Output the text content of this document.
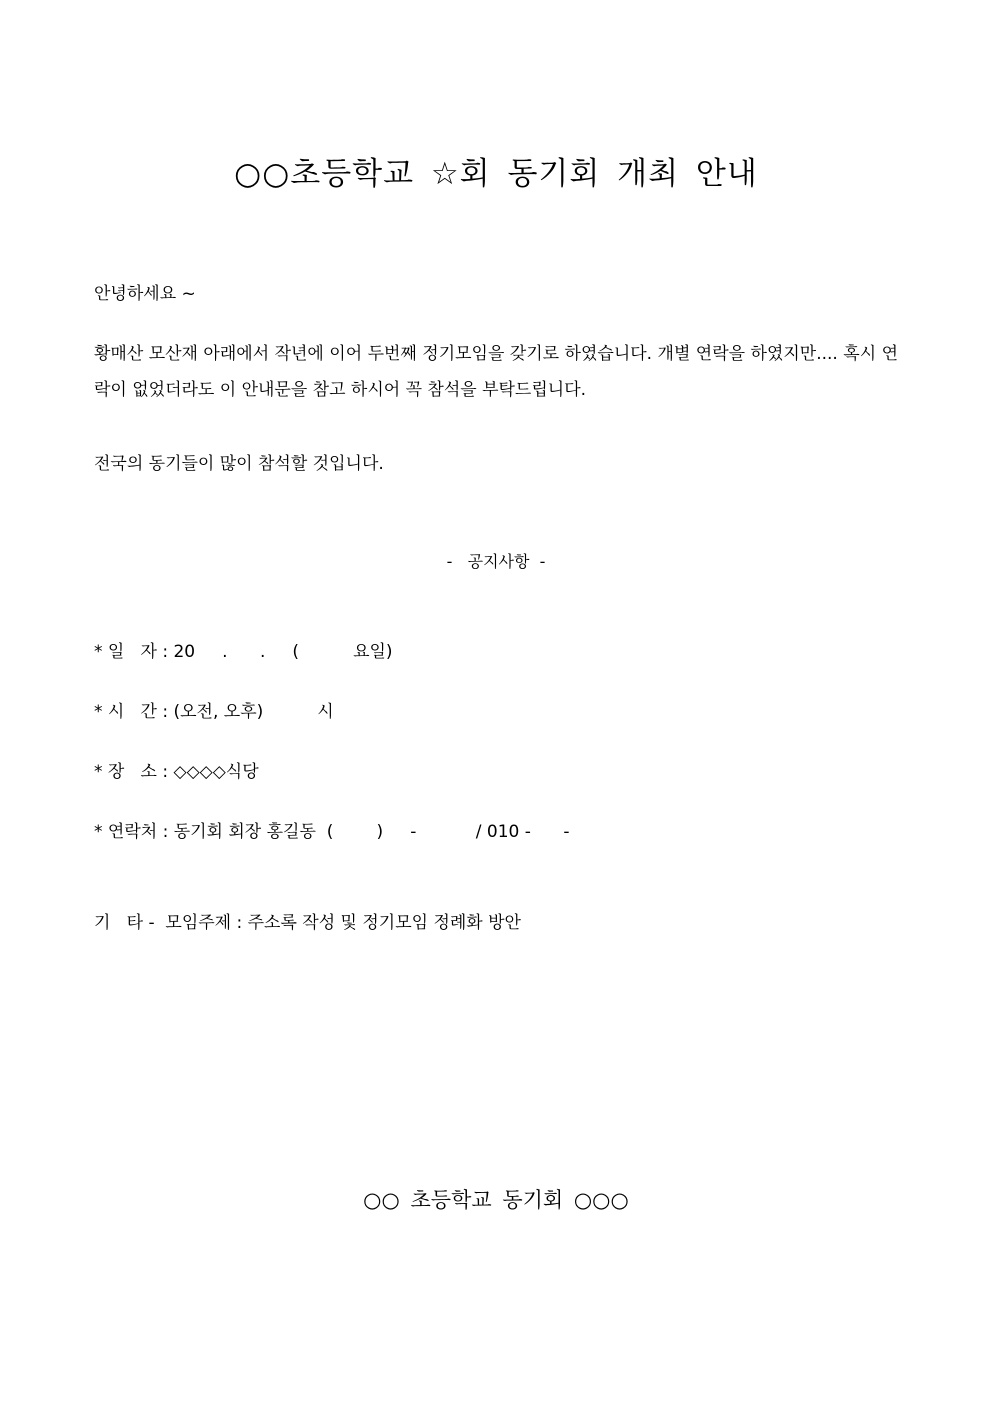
○○초등학교 ☆회 동기회 개최 안내
안녕하세요 ~
황매산 모산재 아래에서 작년에 이어 두번째 정기모임을 갖기로 하였습니다. 개별 연락을 하였지만.... 혹시 연락이 없었더라도 이 안내문을 참고 하시어 꼭 참석을 부탁드립니다.
전국의 동기들이 많이 참석할 것입니다.
-   공지사항  -
* 일   자 : 20     .      .     (          요일)
* 시   간 : (오전, 오후)          시
* 장   소 : ◇◇◇◇식당
* 연락처 : 동기회 회장 홍길동  (        )     -           / 010 -      -
기   타 -  모임주제 : 주소록 작성 및 정기모임 정례화 방안
○○ 초등학교 동기회 ○○○
